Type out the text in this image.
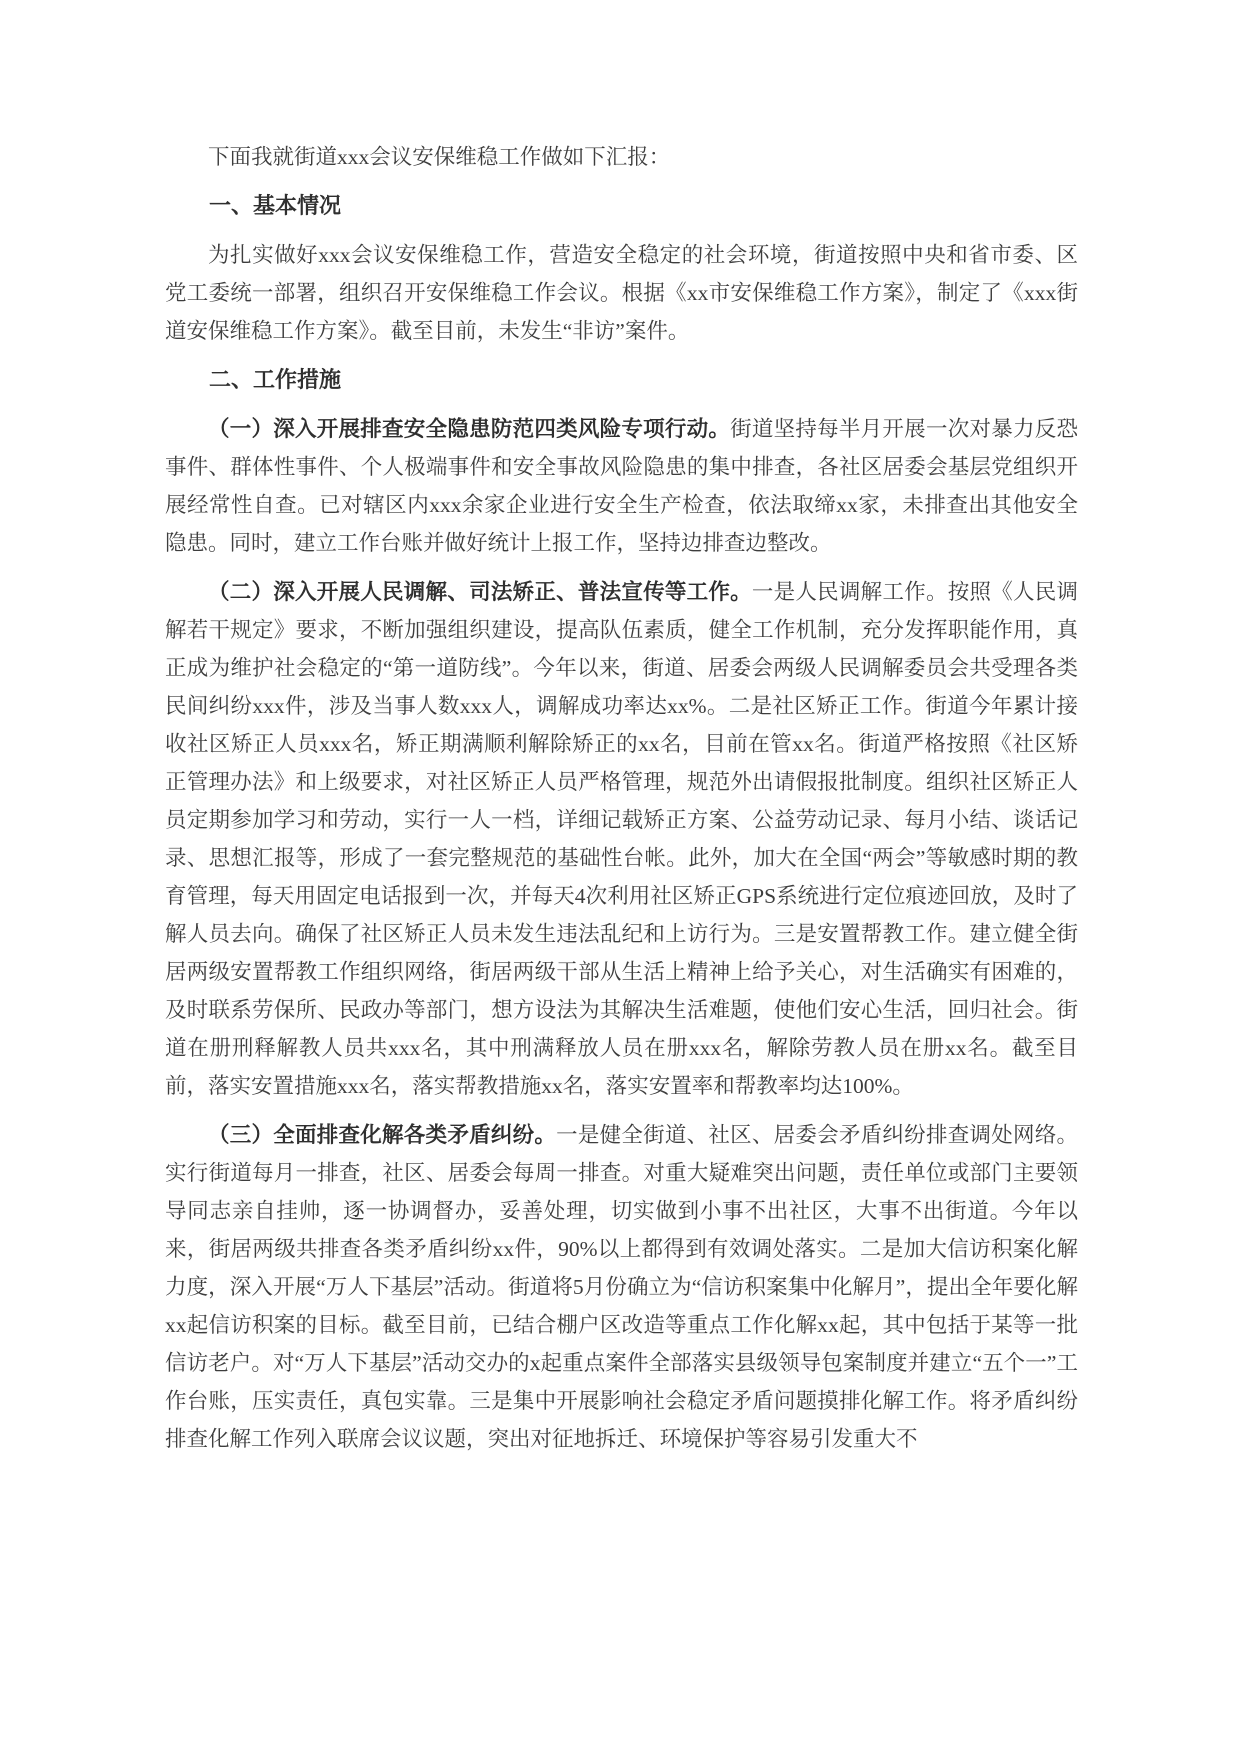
下面我就街道xxx会议安保维稳工作做如下汇报：

一、基本情况

为扎实做好xxx会议安保维稳工作，营造安全稳定的社会环境，街道按照中央和省市委、区党工委统一部署，组织召开安保维稳工作会议。根据《xx市安保维稳工作方案》，制定了《xxx街道安保维稳工作方案》。截至目前，未发生“非访”案件。

二、工作措施

（一）深入开展排查安全隐患防范四类风险专项行动。街道坚持每半月开展一次对暴力反恐事件、群体性事件、个人极端事件和安全事故风险隐患的集中排查，各社区居委会基层党组织开展经常性自查。已对辖区内xxx余家企业进行安全生产检查，依法取缔xx家，未排查出其他安全隐患。同时，建立工作台账并做好统计上报工作，坚持边排查边整改。

（二）深入开展人民调解、司法矫正、普法宣传等工作。一是人民调解工作。按照《人民调解若干规定》要求，不断加强组织建设，提高队伍素质，健全工作机制，充分发挥职能作用，真正成为维护社会稳定的“第一道防线”。今年以来，街道、居委会两级人民调解委员会共受理各类民间纠纷xxx件，涉及当事人数xxx人，调解成功率达xx%。二是社区矫正工作。街道今年累计接收社区矫正人员xxx名，矫正期满顺利解除矫正的xx名，目前在管xx名。街道严格按照《社区矫正管理办法》和上级要求，对社区矫正人员严格管理，规范外出请假报批制度。组织社区矫正人员定期参加学习和劳动，实行一人一档，详细记载矫正方案、公益劳动记录、每月小结、谈话记录、思想汇报等，形成了一套完整规范的基础性台帐。此外，加大在全国“两会”等敏感时期的教育管理，每天用固定电话报到一次，并每天4次利用社区矫正GPS系统进行定位痕迹回放，及时了解人员去向。确保了社区矫正人员未发生违法乱纪和上访行为。三是安置帮教工作。建立健全街居两级安置帮教工作组织网络，街居两级干部从生活上精神上给予关心，对生活确实有困难的，及时联系劳保所、民政办等部门，想方设法为其解决生活难题，使他们安心生活，回归社会。街道在册刑释解教人员共xxx名，其中刑满释放人员在册xxx名，解除劳教人员在册xx名。截至目前，落实安置措施xxx名，落实帮教措施xx名，落实安置率和帮教率均达100%。

（三）全面排查化解各类矛盾纠纷。一是健全街道、社区、居委会矛盾纠纷排查调处网络。实行街道每月一排查，社区、居委会每周一排查。对重大疑难突出问题，责任单位或部门主要领导同志亲自挂帅，逐一协调督办，妥善处理，切实做到小事不出社区，大事不出街道。今年以来，街居两级共排查各类矛盾纠纷xx件，90%以上都得到有效调处落实。二是加大信访积案化解力度，深入开展“万人下基层”活动。街道将5月份确立为“信访积案集中化解月”，提出全年要化解xx起信访积案的目标。截至目前，已结合棚户区改造等重点工作化解xx起，其中包括于某等一批信访老户。对“万人下基层”活动交办的x起重点案件全部落实县级领导包案制度并建立“五个一”工作台账，压实责任，真包实靠。三是集中开展影响社会稳定矛盾问题摸排化解工作。将矛盾纠纷排查化解工作列入联席会议议题，突出对征地拆迁、环境保护等容易引发重大不
